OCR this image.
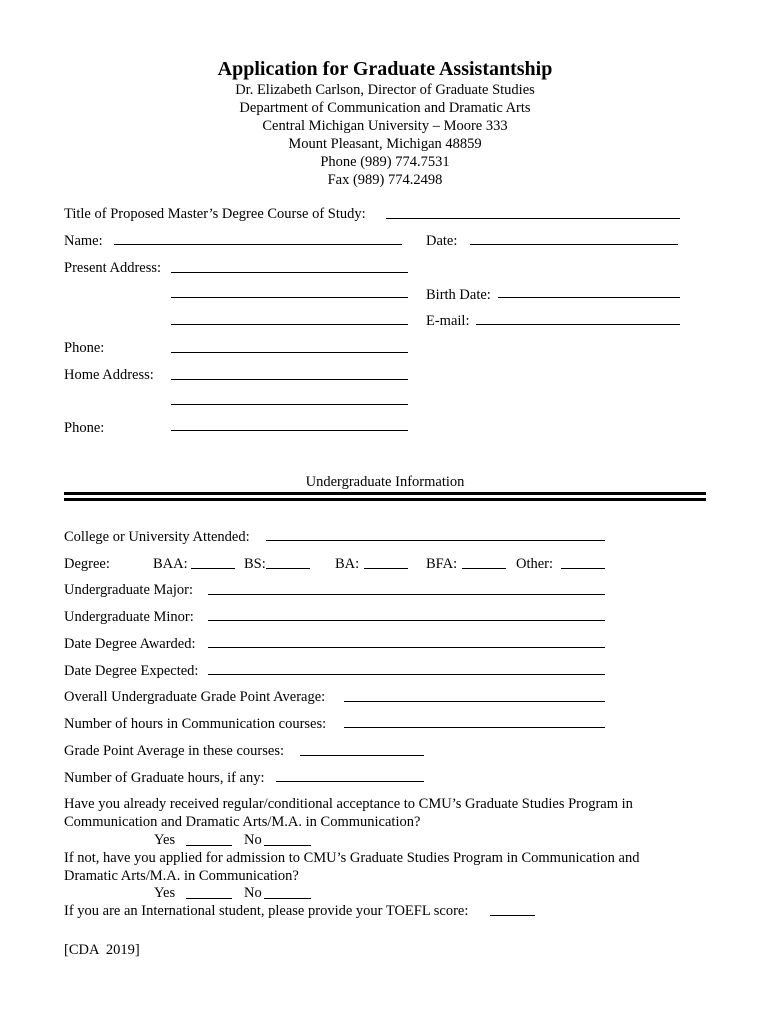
Application for Graduate Assistantship
Dr. Elizabeth Carlson, Director of Graduate Studies
Department of Communication and Dramatic Arts
Central Michigan University – Moore 333
Mount Pleasant, Michigan 48859
Phone (989) 774.7531
Fax (989) 774.2498
Title of Proposed Master’s Degree Course of Study:
Name:	Date:
Present Address:
Birth Date:
E-mail:
Phone:
Home Address:
Phone:
Undergraduate Information
College or University Attended:
Degree:	BAA:	BS:	BA:	BFA:	Other:
Undergraduate Major:
Undergraduate Minor:
Date Degree Awarded:
Date Degree Expected:
Overall Undergraduate Grade Point Average:
Number of hours in Communication courses:
Grade Point Average in these courses:
Number of Graduate hours, if any:
Have you already received regular/conditional acceptance to CMU’s Graduate Studies Program in
Communication and Dramatic Arts/M.A. in Communication?
Yes	No
If not, have you applied for admission to CMU’s Graduate Studies Program in Communication and
Dramatic Arts/M.A. in Communication?
Yes	No
If you are an International student, please provide your TOEFL score:
[CDA  2019]
